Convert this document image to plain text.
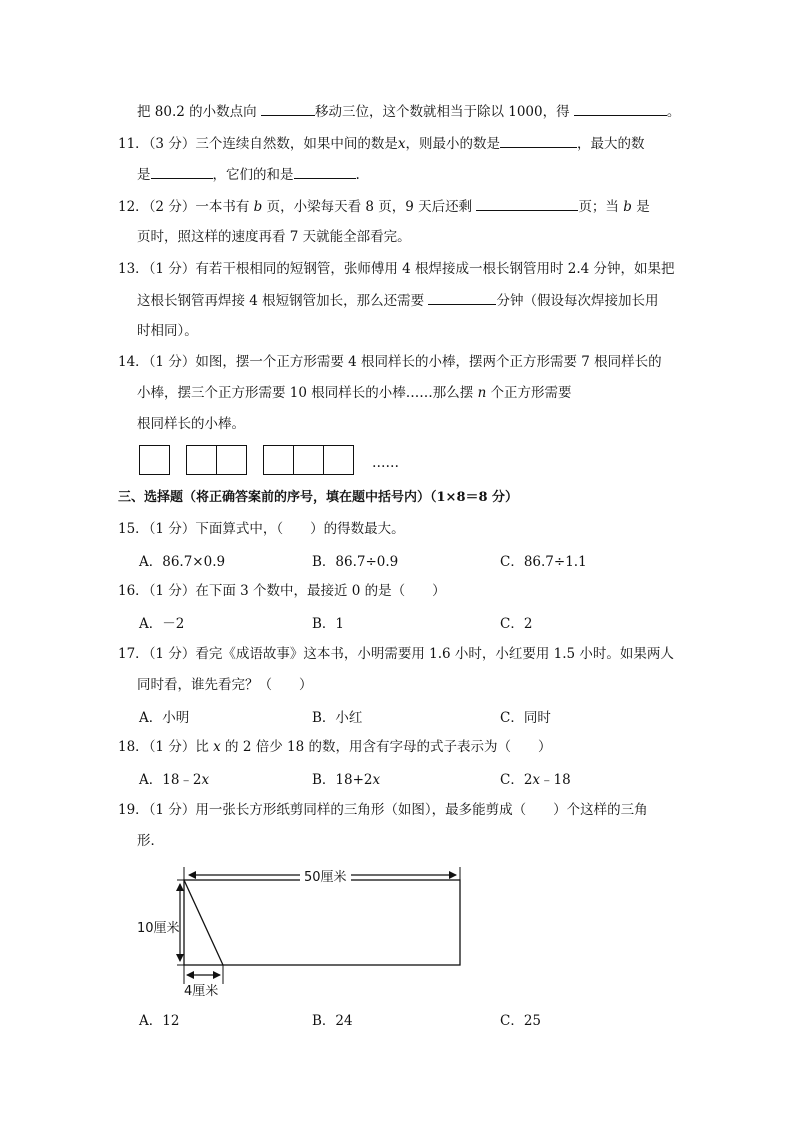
把 80.2 的小数点向	移动三位，这个数就相当于除以 1000，得	。
11．（3 分）三个连续自然数，如果中间的数是x，则最小的数是	，最大的数
是	，它们的和是	.
12．（2 分）一本书有 b 页，小梁每天看 8 页，9 天后还剩	页；当 b 是
页时，照这样的速度再看 7 天就能全部看完。
13．（1 分）有若干根相同的短钢管，张师傅用 4 根焊接成一根长钢管用时 2.4 分钟，如果把
这根长钢管再焊接 4 根短钢管加长，那么还需要	分钟（假设每次焊接加长用
时相同）。
14．（1 分）如图，摆一个正方形需要 4 根同样长的小棒，摆两个正方形需要 7 根同样长的
小棒，摆三个正方形需要 10 根同样长的小棒……那么摆 n 个正方形需要
根同样长的小棒。
……
三、选择题（将正确答案前的序号，填在题中括号内）（1×8＝8 分）
15．（1 分）下面算式中，（　　）的得数最大。
A．86.7×0.9	B．86.7÷0.9	C．86.7÷1.1
16．（1 分）在下面 3 个数中，最接近 0 的是（　　）
A．－2	B．1	C．2
17．（1 分）看完《成语故事》这本书，小明需要用 1.6 小时，小红要用 1.5 小时。如果两人
同时看，谁先看完？（　　）
A．小明	B．小红	C．同时
18．（1 分）比 x 的 2 倍少 18 的数，用含有字母的式子表示为（　　）
A．18﹣2x	B．18+2x	C．2x﹣18
19．（1 分）用一张长方形纸剪同样的三角形（如图），最多能剪成（　　）个这样的三角
形．
50厘米
10厘米
4厘米
A．12	B．24	C．25
